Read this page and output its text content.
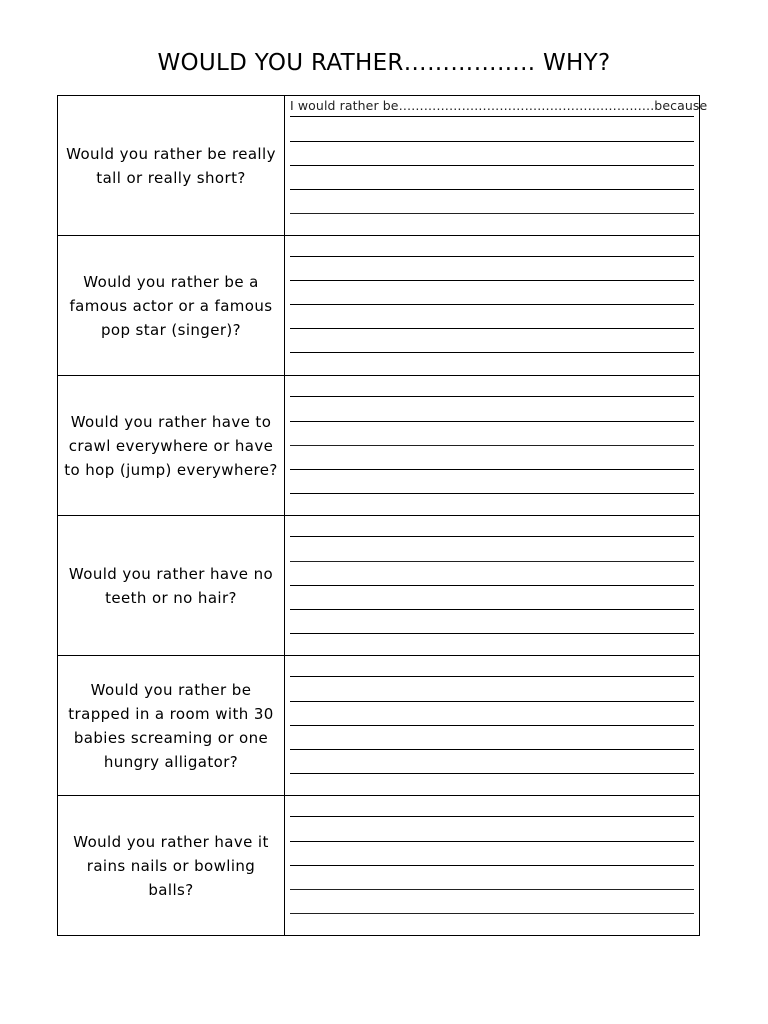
WOULD YOU RATHER…………….. WHY?
Would you rather be really tall or really short?	I would rather be………………………………………….……..….because

Would you rather be a famous actor or a famous pop star (singer)?	

Would you rather have to crawl everywhere or have to hop (jump) everywhere?	

Would you rather have no teeth or no hair?	

Would you rather be trapped in a room with 30 babies screaming or one hungry alligator?	

Would you rather have it rains nails or bowling balls?	
